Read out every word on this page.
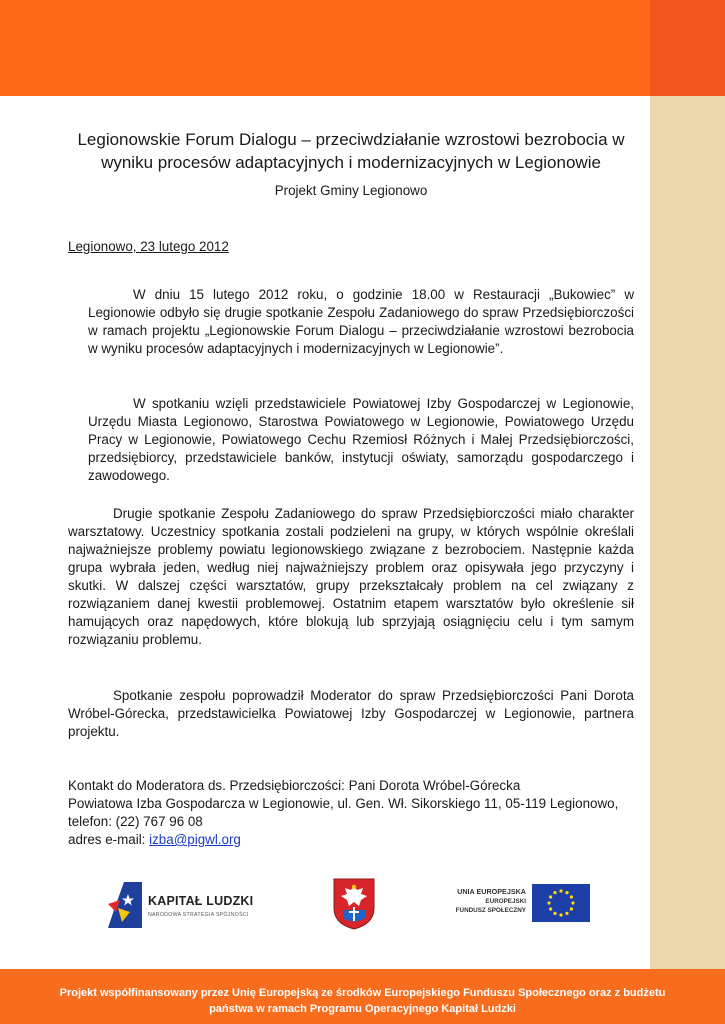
Legionowskie Forum Dialogu – przeciwdziałanie wzrostowi bezrobocia w
wyniku procesów adaptacyjnych i modernizacyjnych w Legionowie
Projekt Gminy Legionowo
Legionowo, 23 lutego 2012

W dniu 15 lutego 2012 roku, o godzinie 18.00 w Restauracji „Bukowiec” w Legionowie odbyło się drugie spotkanie Zespołu Zadaniowego do spraw Przedsiębiorczości w ramach projektu „Legionowskie Forum Dialogu – przeciwdziałanie wzrostowi bezrobocia w wyniku procesów adaptacyjnych i modernizacyjnych w Legionowie”.

W spotkaniu wzięli przedstawiciele Powiatowej Izby Gospodarczej w Legionowie, Urzędu Miasta Legionowo, Starostwa Powiatowego w Legionowie, Powiatowego Urzędu Pracy w Legionowie, Powiatowego Cechu Rzemiosł Różnych i Małej Przedsiębiorczości, przedsiębiorcy, przedstawiciele banków, instytucji oświaty, samorządu gospodarczego i zawodowego.

Drugie spotkanie Zespołu Zadaniowego do spraw Przedsiębiorczości miało charakter warsztatowy. Uczestnicy spotkania zostali podzieleni na grupy, w których wspólnie określali najważniejsze problemy powiatu legionowskiego związane z bezrobociem. Następnie każda grupa wybrała jeden, według niej najważniejszy problem oraz opisywała jego przyczyny i skutki. W dalszej części warsztatów, grupy przekształcały problem na cel związany z rozwiązaniem danej kwestii problemowej. Ostatnim etapem warsztatów było określenie sił hamujących oraz napędowych, które blokują lub sprzyjają osiągnięciu celu i tym samym rozwiązaniu problemu.

Spotkanie zespołu poprowadził Moderator do spraw Przedsiębiorczości Pani Dorota Wróbel-Górecka, przedstawicielka Powiatowej Izby Gospodarczej w Legionowie, partnera projektu.

Kontakt do Moderatora ds. Przedsiębiorczości: Pani Dorota Wróbel-Górecka
Powiatowa Izba Gospodarcza w Legionowie, ul. Gen. Wł. Sikorskiego 11, 05-119 Legionowo,
telefon: (22) 767 96 08
adres e-mail: izba@pigwl.org
KAPITAŁ LUDZKI
NARODOWA STRATEGIA SPÓJNOŚCI
UNIA EUROPEJSKA
EUROPEJSKI
FUNDUSZ SPOŁECZNY
Projekt współfinansowany przez Unię Europejską ze środków Europejskiego Funduszu Społecznego oraz z budżetu
państwa w ramach Programu Operacyjnego Kapitał Ludzki
